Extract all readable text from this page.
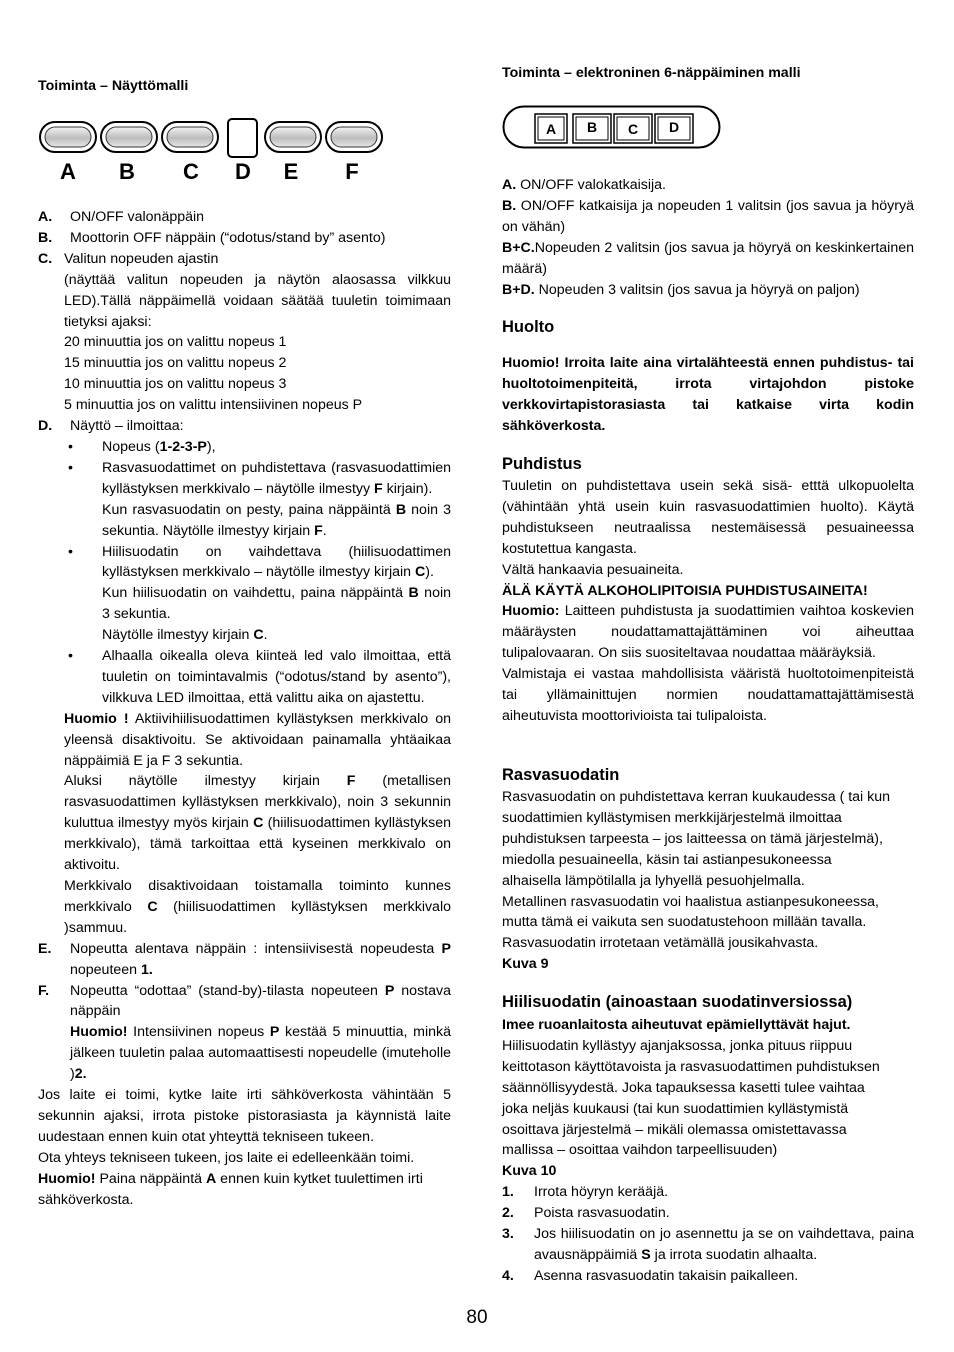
Toiminta – Näyttömalli
A B C D E F
A.	ON/OFF valonäppäin
B.	Moottorin OFF näppäin (“odotus/stand by” asento)
C. Valitun nopeuden ajastin
(näyttää valitun nopeuden ja näytön alaosassa vilkkuu LED).Tällä näppäimellä voidaan säätää tuuletin toimimaan tietyksi ajaksi:
20 minuuttia jos on valittu nopeus 1
15 minuuttia jos on valittu nopeus 2
10 minuuttia jos on valittu nopeus 3
5 minuuttia jos on valittu intensiivinen nopeus P
D.	Näyttö – ilmoittaa:
•	Nopeus (1-2-3-P),
•	Rasvasuodattimet on puhdistettava (rasvasuodattimien kyllästyksen merkkivalo – näytölle ilmestyy F kirjain).
Kun rasvasuodatin on pesty, paina näppäintä B noin 3 sekuntia. Näytölle ilmestyy kirjain F.
•	Hiilisuodatin on vaihdettava (hiilisuodattimen kyllästyksen merkkivalo – näytölle ilmestyy kirjain C).
Kun hiilisuodatin on vaihdettu, paina näppäintä B noin 3 sekuntia.
Näytölle ilmestyy kirjain C.
•	Alhaalla oikealla oleva kiinteä led valo ilmoittaa, että tuuletin on toimintavalmis (“odotus/stand by asento”), vilkkuva LED ilmoittaa, että valittu aika on ajastettu.
Huomio ! Aktiivihiilisuodattimen kyllästyksen merkkivalo on yleensä disaktivoitu. Se aktivoidaan painamalla yhtäaikaa näppäimiä E ja F 3 sekuntia.
Aluksi näytölle ilmestyy kirjain F (metallisen rasvasuodattimen kyllästyksen merkkivalo), noin 3 sekunnin kuluttua ilmestyy myös kirjain C (hiilisuodattimen kyllästyksen merkkivalo), tämä tarkoittaa että kyseinen merkkivalo on aktivoitu.
Merkkivalo disaktivoidaan toistamalla toiminto kunnes merkkivalo C (hiilisuodattimen kyllästyksen merkkivalo )sammuu.
E.	Nopeutta alentava näppäin : intensiivisestä nopeudesta P nopeuteen 1.
F.	Nopeutta “odottaa” (stand-by)-tilasta nopeuteen P nostava näppäin
Huomio! Intensiivinen nopeus P kestää 5 minuuttia, minkä jälkeen tuuletin palaa automaattisesti nopeudelle (imuteholle )2.
Jos laite ei toimi, kytke laite irti sähköverkosta vähintään 5 sekunnin ajaksi, irrota pistoke pistorasiasta ja käynnistä laite uudestaan ennen kuin otat yhteyttä tekniseen tukeen.
Ota yhteys tekniseen tukeen, jos laite ei edelleenkään toimi.
Huomio! Paina näppäintä A ennen kuin kytket tuulettimen irti sähköverkosta.
Toiminta – elektroninen 6-näppäiminen malli
A B C D
A. ON/OFF valokatkaisija.
B. ON/OFF katkaisija ja nopeuden 1 valitsin (jos savua ja höyryä on vähän)
B+C.Nopeuden 2 valitsin (jos savua ja höyryä on keskinkertainen määrä)
B+D. Nopeuden 3 valitsin (jos savua ja höyryä on paljon)
Huolto
Huomio! Irroita laite aina virtalähteestä ennen puhdistus- tai huoltotoimenpiteitä, irrota virtajohdon pistoke verkkovirtapistorasiasta tai katkaise virta kodin sähköverkosta.
Puhdistus
Tuuletin on puhdistettava usein sekä sisä- etttä ulkopuolelta (vähintään yhtä usein kuin rasvasuodattimien huolto). Käytä puhdistukseen neutraalissa nestemäisessä pesuaineessa kostutettua kangasta.
Vältä hankaavia pesuaineita.
ÄLÄ KÄYTÄ ALKOHOLIPITOISIA PUHDISTUSAINEITA!
Huomio: Laitteen puhdistusta ja suodattimien vaihtoa koskevien määräysten noudattamattajättäminen voi aiheuttaa tulipalovaaran. On siis suositeltavaa noudattaa määräyksiä.
Valmistaja ei vastaa mahdollisista vääristä huoltotoimenpiteistä tai yllämainittujen normien noudattamattajättämisestä aiheutuvista moottorivioista tai tulipaloista.
Rasvasuodatin
Rasvasuodatin on puhdistettava kerran kuukaudessa ( tai kun
suodattimien kyllästymisen merkkijärjestelmä ilmoittaa
puhdistuksen tarpeesta – jos laitteessa on tämä järjestelmä),
miedolla pesuaineella, käsin tai astianpesukoneessa
alhaisella lämpötilalla ja lyhyellä pesuohjelmalla.
Metallinen rasvasuodatin voi haalistua astianpesukoneessa,
mutta tämä ei vaikuta sen suodatustehoon millään tavalla.
Rasvasuodatin irrotetaan vetämällä jousikahvasta.
Kuva 9
Hiilisuodatin (ainoastaan suodatinversiossa)
Imee ruoanlaitosta aiheutuvat epämiellyttävät hajut.
Hiilisuodatin kyllästyy ajanjaksossa, jonka pituus riippuu
keittotason käyttötavoista ja rasvasuodattimen puhdistuksen
säännöllisyydestä. Joka tapauksessa kasetti tulee vaihtaa
joka neljäs kuukausi (tai kun suodattimien kyllästymistä
osoittava järjestelmä – mikäli olemassa omistettavassa
mallissa – osoittaa vaihdon tarpeellisuuden)
Kuva 10
1.	Irrota höyryn kerääjä.
2.	Poista rasvasuodatin.
3.	Jos hiilisuodatin on jo asennettu ja se on vaihdettava, paina avausnäppäimiä S ja irrota suodatin alhaalta.
4.	Asenna rasvasuodatin takaisin paikalleen.
80
